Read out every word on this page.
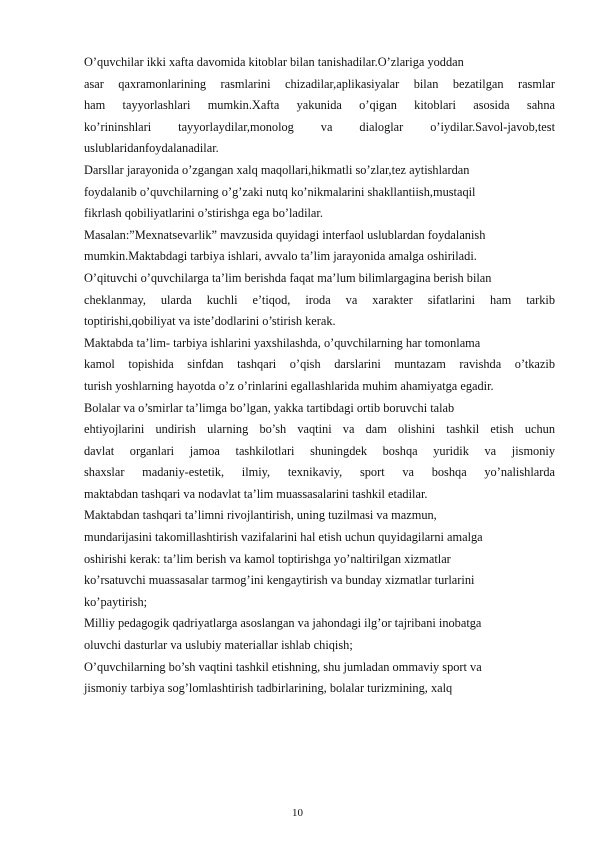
O’quvchilar ikki xafta davomida kitoblar bilan tanishadilar.O’zlariga yoddan
asar qaxramonlarining rasmlarini chizadilar,aplikasiyalar bilan bezatilgan rasmlar
ham tayyorlashlari mumkin.Xafta yakunida o’qigan kitoblari asosida sahna
ko’rininshlari tayyorlaydilar,monolog va dialoglar o’iydilar.Savol-javob,test
uslublaridanfoydalanadilar.
Darsllar jarayonida o’zgangan xalq maqollari,hikmatli so’zlar,tez aytishlardan
foydalanib o’quvchilarning o’g’zaki nutq ko’nikmalarini shakllantiish,mustaqil
fikrlash qobiliyatlarini o’stirishga ega bo’ladilar.
Masalan:”Mexnatsevarlik” mavzusida quyidagi interfaol uslublardan foydalanish
mumkin.Maktabdagi tarbiya ishlari, avvalo ta’lim jarayonida amalga oshiriladi.
O’qituvchi o’quvchilarga ta’lim berishda faqat ma’lum bilimlargagina berish bilan
cheklanmay, ularda kuchli e’tiqod, iroda va xarakter sifatlarini ham tarkib
toptirishi,qobiliyat va iste’dodlarini o’stirish kerak.
Maktabda ta’lim- tarbiya ishlarini yaxshilashda, o’quvchilarning har tomonlama
kamol topishida sinfdan tashqari o’qish darslarini muntazam ravishda o’tkazib
turish yoshlarning hayotda o’z o’rinlarini egallashlarida muhim ahamiyatga egadir.
Bolalar va o’smirlar ta’limga bo’lgan, yakka tartibdagi ortib boruvchi talab
ehtiyojlarini undirish ularning bo’sh vaqtini va dam olishini tashkil etish uchun
davlat organlari jamoa tashkilotlari shuningdek boshqa yuridik va jismoniy
shaxslar madaniy-estetik, ilmiy, texnikaviy, sport va boshqa yo’nalishlarda
maktabdan tashqari va nodavlat ta’lim muassasalarini tashkil etadilar.
Maktabdan tashqari ta’limni rivojlantirish, uning tuzilmasi va mazmun,
mundarijasini takomillashtirish vazifalarini hal etish uchun quyidagilarni amalga
oshirishi kerak: ta’lim berish va kamol toptirishga yo’naltirilgan xizmatlar
ko’rsatuvchi muassasalar tarmog’ini kengaytirish va bunday xizmatlar turlarini
ko’paytirish;
Milliy pedagogik qadriyatlarga asoslangan va jahondagi ilg’or tajribani inobatga
oluvchi dasturlar va uslubiy materiallar ishlab chiqish;
O’quvchilarning bo’sh vaqtini tashkil etishning, shu jumladan ommaviy sport va
jismoniy tarbiya sog’lomlashtirish tadbirlarining, bolalar turizmining, xalq
10
